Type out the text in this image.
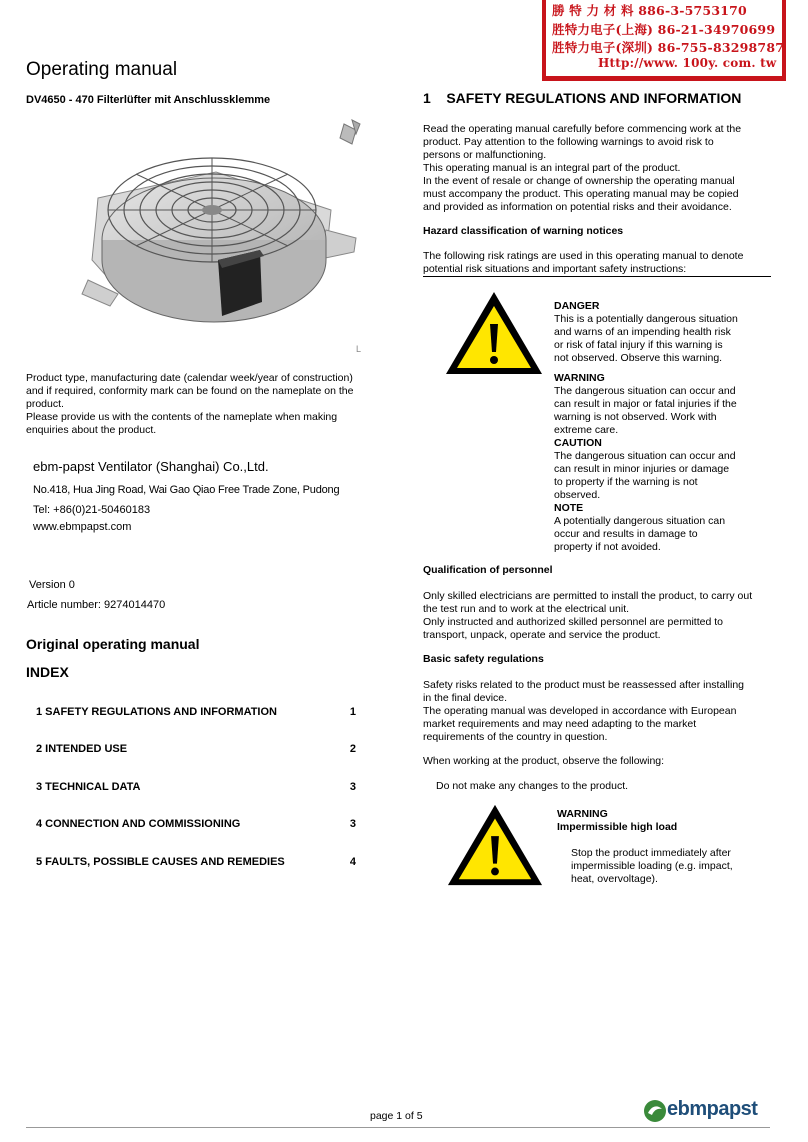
勝 特 力 材 料 886-3-5753170
胜特力电子(上海) 86-21-34970699
胜特力电子(深圳) 86-755-83298787
Http://www. 100y. com. tw
Operating manual
DV4650 - 470 Filterlüfter mit Anschlussklemme
L
Product type, manufacturing date (calendar week/year of construction)
and if required, conformity mark can be found on the nameplate on the
product.
Please provide us with the contents of the nameplate when making
enquiries about the product.
ebm-papst Ventilator (Shanghai) Co.,Ltd.
No.418, Hua Jing Road, Wai Gao Qiao Free Trade Zone, Pudong
Tel: +86(0)21-50460183
www.ebmpapst.com
Version 0
Article number: 9274014470
Original operating manual
INDEX
1 SAFETY REGULATIONS AND INFORMATION	1
2 INTENDED USE	2
3 TECHNICAL DATA	3
4 CONNECTION AND COMMISSIONING	3
5 FAULTS, POSSIBLE CAUSES AND REMEDIES	4
1    SAFETY REGULATIONS AND INFORMATION
Read the operating manual carefully before commencing work at the
product. Pay attention to the following warnings to avoid risk to
persons or malfunctioning.
This operating manual is an integral part of the product.
In the event of resale or change of ownership the operating manual
must accompany the product. This operating manual may be copied
and provided as information on potential risks and their avoidance.
Hazard classification of warning notices
The following risk ratings are used in this operating manual to denote
potential risk situations and important safety instructions:
DANGER
This is a potentially dangerous situation
and warns of an impending health risk
or risk of fatal injury if this warning is
not observed. Observe this warning.
WARNING
The dangerous situation can occur and
can result in major or fatal injuries if the
warning is not observed. Work with
extreme care.
CAUTION
The dangerous situation can occur and
can result in minor injuries or damage
to property if the warning is not
observed.
NOTE
A potentially dangerous situation can
occur and results in damage to
property if not avoided.
Qualification of personnel
Only skilled electricians are permitted to install the product, to carry out
the test run and to work at the electrical unit.
Only instructed and authorized skilled personnel are permitted to
transport, unpack, operate and service the product.
Basic safety regulations
Safety risks related to the product must be reassessed after installing
in the final device.
The operating manual was developed in accordance with European
market requirements and may need adapting to the market
requirements of the country in question.
When working at the product, observe the following:
Do not make any changes to the product.
WARNING
Impermissible high load
Stop the product immediately after
impermissible loading (e.g. impact,
heat, overvoltage).
page 1 of 5	ebmpapst
